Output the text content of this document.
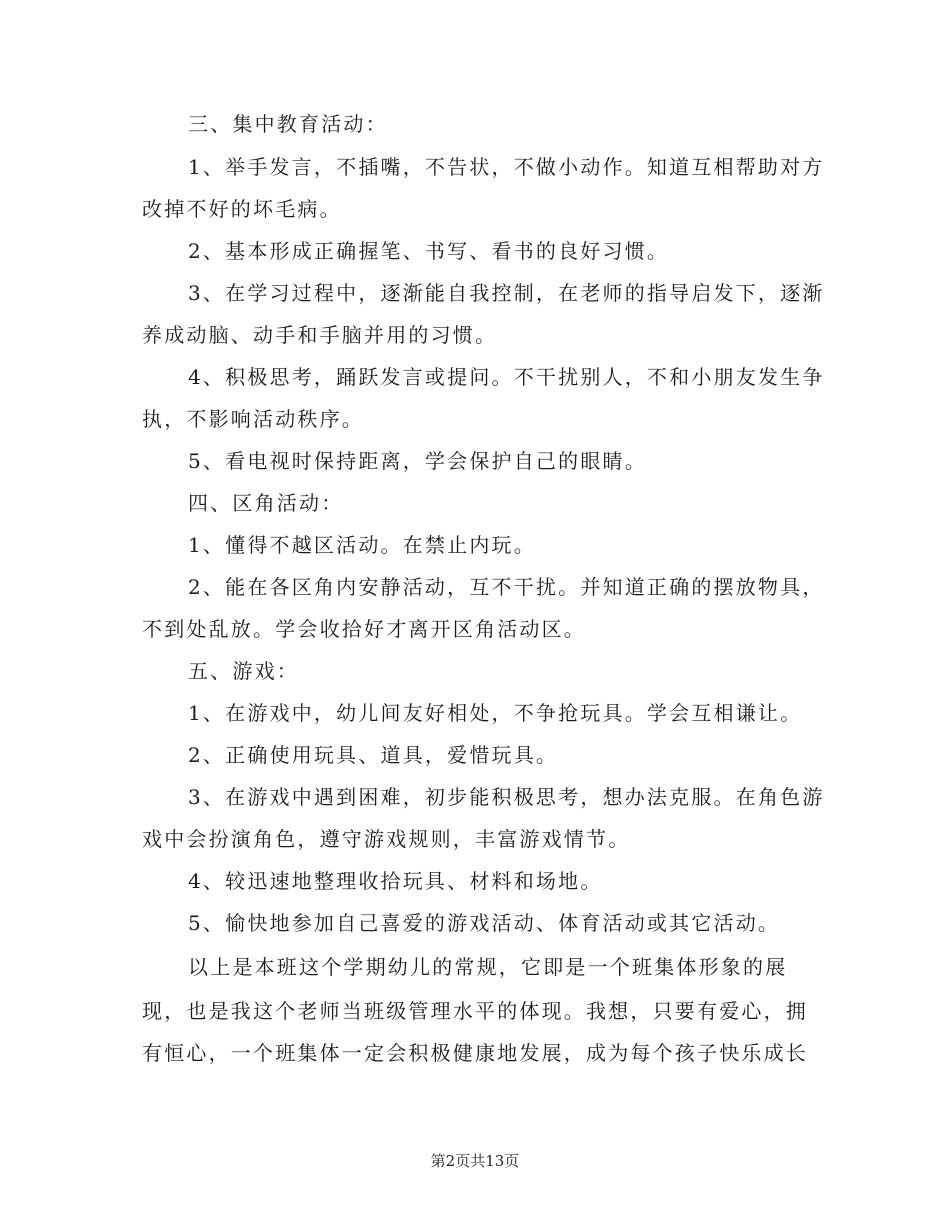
三、集中教育活动：
1、举手发言，不插嘴，不告状，不做小动作。知道互相帮助对方
改掉不好的坏毛病。
2、基本形成正确握笔、书写、看书的良好习惯。
3、在学习过程中，逐渐能自我控制，在老师的指导启发下，逐渐
养成动脑、动手和手脑并用的习惯。
4、积极思考，踊跃发言或提问。不干扰别人，不和小朋友发生争
执，不影响活动秩序。
5、看电视时保持距离，学会保护自己的眼睛。
四、区角活动：
1、懂得不越区活动。在禁止内玩。
2、能在各区角内安静活动，互不干扰。并知道正确的摆放物具，
不到处乱放。学会收拾好才离开区角活动区。
五、游戏：
1、在游戏中，幼儿间友好相处，不争抢玩具。学会互相谦让。
2、正确使用玩具、道具，爱惜玩具。
3、在游戏中遇到困难，初步能积极思考，想办法克服。在角色游
戏中会扮演角色，遵守游戏规则，丰富游戏情节。
4、较迅速地整理收拾玩具、材料和场地。
5、愉快地参加自己喜爱的游戏活动、体育活动或其它活动。
以上是本班这个学期幼儿的常规，它即是一个班集体形象的展
现，也是我这个老师当班级管理水平的体现。我想，只要有爱心，拥
有恒心，一个班集体一定会积极健康地发展，成为每个孩子快乐成长
第2页共13页
